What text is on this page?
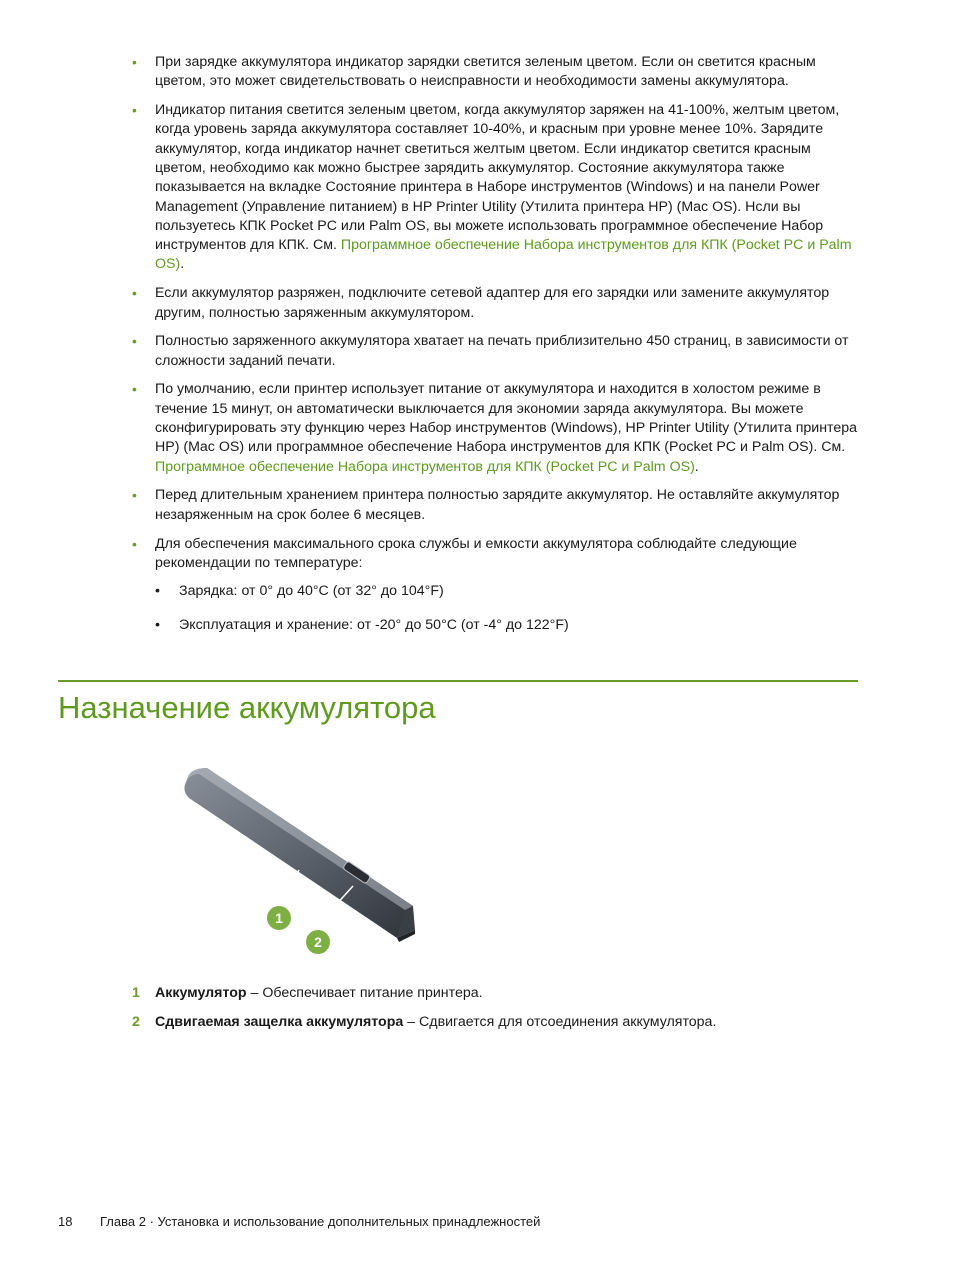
• При зарядке аккумулятора индикатор зарядки светится зеленым цветом. Если он светится красным цветом, это может свидетельствовать о неисправности и необходимости замены аккумулятора.
• Индикатор питания светится зеленым цветом, когда аккумулятор заряжен на 41-100%, желтым цветом, когда уровень заряда аккумулятора составляет 10-40%, и красным при уровне менее 10%. Зарядите аккумулятор, когда индикатор начнет светиться желтым цветом. Если индикатор светится красным цветом, необходимо как можно быстрее зарядить аккумулятор. Состояние аккумулятора также показывается на вкладке Состояние принтера в Наборе инструментов (Windows) и на панели Power Management (Управление питанием) в HP Printer Utility (Утилита принтера HP) (Mac OS). Нсли вы пользуетесь КПК Pocket PC или Palm OS, вы можете использовать программное обеспечение Набор инструментов для КПК. См. Программное обеспечение Набора инструментов для КПК (Pocket PC и Palm OS).
• Если аккумулятор разряжен, подключите сетевой адаптер для его зарядки или замените аккумулятор другим, полностью заряженным аккумулятором.
• Полностью заряженного аккумулятора хватает на печать приблизительно 450 страниц, в зависимости от сложности заданий печати.
• По умолчанию, если принтер использует питание от аккумулятора и находится в холостом режиме в течение 15 минут, он автоматически выключается для экономии заряда аккумулятора. Вы можете сконфигурировать эту функцию через Набор инструментов (Windows), HP Printer Utility (Утилита принтера HP) (Mac OS) или программное обеспечение Набора инструментов для КПК (Pocket PC и Palm OS). См. Программное обеспечение Набора инструментов для КПК (Pocket PC и Palm OS).
• Перед длительным хранением принтера полностью зарядите аккумулятор. Не оставляйте аккумулятор незаряженным на срок более 6 месяцев.
• Для обеспечения максимального срока службы и емкости аккумулятора соблюдайте следующие рекомендации по температуре:
• Зарядка: от 0° до 40°C (от 32° до 104°F)
• Эксплуатация и хранение: от -20° до 50°C (от -4° до 122°F)
Назначение аккумулятора
1
2
1 Аккумулятор – Обеспечивает питание принтера.
2 Сдвигаемая защелка аккумулятора – Сдвигается для отсоединения аккумулятора.
18 Глава 2 · Установка и использование дополнительных принадлежностей
